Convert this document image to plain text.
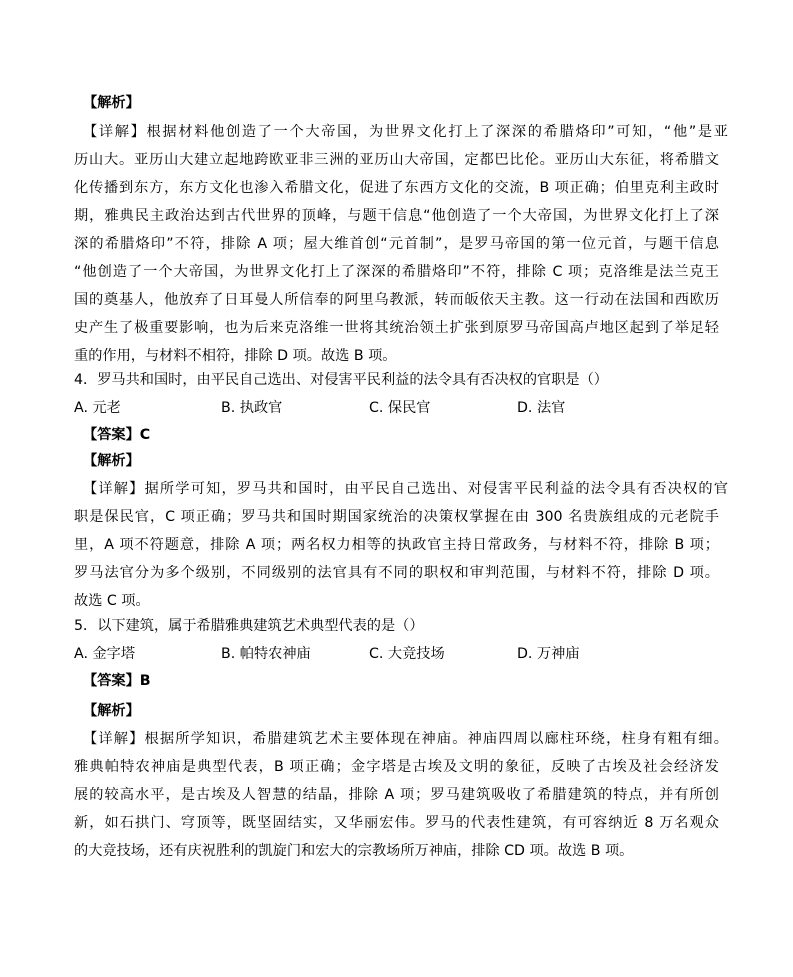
【解析】
【详解】根据材料他创造了一个大帝国，为世界文化打上了深深的希腊烙印”可知，“他”是亚
历山大。亚历山大建立起地跨欧亚非三洲的亚历山大帝国，定都巴比伦。亚历山大东征，将希腊文
化传播到东方，东方文化也渗入希腊文化，促进了东西方文化的交流，B 项正确；伯里克利主政时
期，雅典民主政治达到古代世界的顶峰，与题干信息“他创造了一个大帝国，为世界文化打上了深
深的希腊烙印”不符，排除 A 项；屋大维首创“元首制”，是罗马帝国的第一位元首，与题干信息
“他创造了一个大帝国，为世界文化打上了深深的希腊烙印”不符，排除 C 项；克洛维是法兰克王
国的奠基人，他放弃了日耳曼人所信奉的阿里乌教派，转而皈依天主教。这一行动在法国和西欧历
史产生了极重要影响，也为后来克洛维一世将其统治领土扩张到原罗马帝国高卢地区起到了举足轻
重的作用，与材料不相符，排除 D 项。故选 B 项。
4．罗马共和国时，由平民自己选出、对侵害平民利益的法令具有否决权的官职是（）
A. 元老	B. 执政官	C. 保民官	D. 法官
【答案】C
【解析】
【详解】据所学可知，罗马共和国时，由平民自己选出、对侵害平民利益的法令具有否决权的官
职是保民官，C 项正确；罗马共和国时期国家统治的决策权掌握在由 300 名贵族组成的元老院手
里，A 项不符题意，排除 A 项；两名权力相等的执政官主持日常政务，与材料不符，排除 B 项；
罗马法官分为多个级别，不同级别的法官具有不同的职权和审判范围，与材料不符，排除 D 项。
故选 C 项。
5．以下建筑，属于希腊雅典建筑艺术典型代表的是（）
A. 金字塔	B. 帕特农神庙	C. 大竞技场	D. 万神庙
【答案】B
【解析】
【详解】根据所学知识，希腊建筑艺术主要体现在神庙。神庙四周以廊柱环绕，柱身有粗有细。
雅典帕特农神庙是典型代表，B 项正确；金字塔是古埃及文明的象征，反映了古埃及社会经济发
展的较高水平，是古埃及人智慧的结晶，排除 A 项；罗马建筑吸收了希腊建筑的特点，并有所创
新，如石拱门、穹顶等，既坚固结实，又华丽宏伟。罗马的代表性建筑，有可容纳近 8 万名观众
的大竞技场，还有庆祝胜利的凯旋门和宏大的宗教场所万神庙，排除 CD 项。故选 B 项。
